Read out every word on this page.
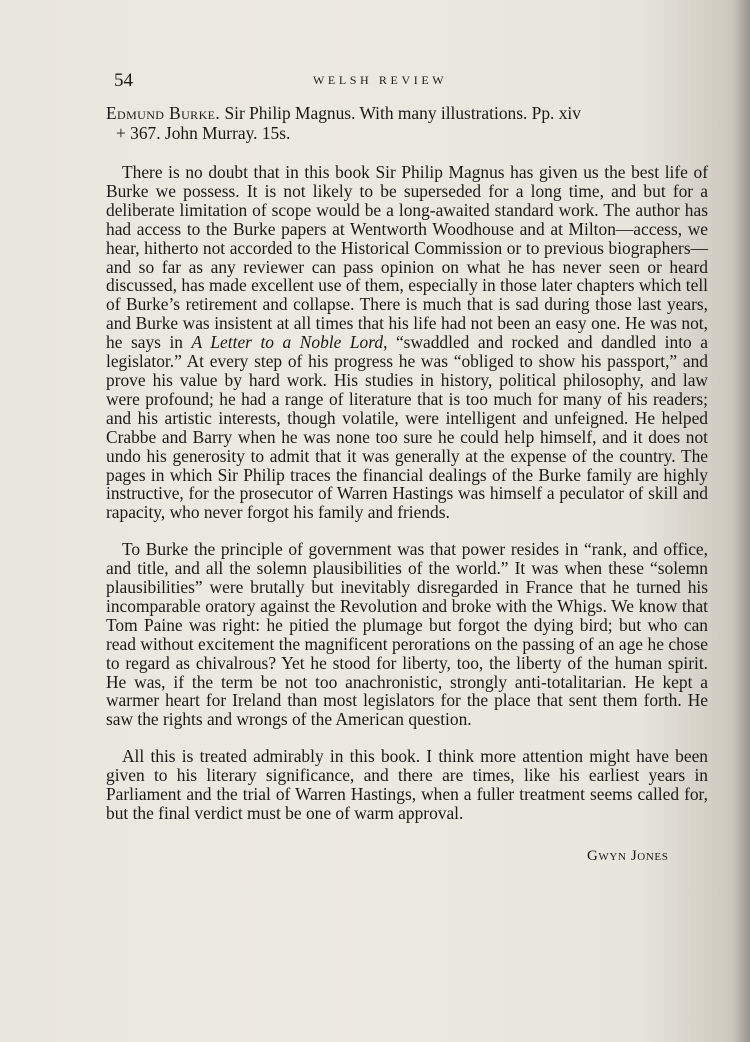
54	WELSH REVIEW
Edmund Burke. Sir Philip Magnus. With many illustrations. Pp. xiv
+ 367. John Murray. 15s.

There is no doubt that in this book Sir Philip Magnus has given us the best life of Burke we possess. It is not likely to be superseded for a long time, and but for a deliberate limitation of scope would be a long-awaited standard work. The author has had access to the Burke papers at Wentworth Woodhouse and at Milton—access, we hear, hitherto not accorded to the Historical Commission or to previous biographers—and so far as any reviewer can pass opinion on what he has never seen or heard discussed, has made excellent use of them, especially in those later chapters which tell of Burke’s retirement and collapse. There is much that is sad during those last years, and Burke was insistent at all times that his life had not been an easy one. He was not, he says in A Letter to a Noble Lord, “swaddled and rocked and dandled into a legislator.” At every step of his progress he was “obliged to show his passport,” and prove his value by hard work. His studies in history, political philosophy, and law were profound; he had a range of literature that is too much for many of his readers; and his artistic interests, though volatile, were intelligent and unfeigned. He helped Crabbe and Barry when he was none too sure he could help himself, and it does not undo his generosity to admit that it was generally at the expense of the country. The pages in which Sir Philip traces the financial dealings of the Burke family are highly instructive, for the prosecutor of Warren Hastings was himself a peculator of skill and rapacity, who never forgot his family and friends.

To Burke the principle of government was that power resides in “rank, and office, and title, and all the solemn plausibilities of the world.” It was when these “solemn plausibilities” were brutally but inevitably disregarded in France that he turned his incomparable oratory against the Revolution and broke with the Whigs. We know that Tom Paine was right: he pitied the plumage but forgot the dying bird; but who can read without excitement the magnificent perorations on the passing of an age he chose to regard as chivalrous? Yet he stood for liberty, too, the liberty of the human spirit. He was, if the term be not too anachronistic, strongly anti-totalitarian. He kept a warmer heart for Ireland than most legislators for the place that sent them forth. He saw the rights and wrongs of the American question.

All this is treated admirably in this book. I think more attention might have been given to his literary significance, and there are times, like his earliest years in Parliament and the trial of Warren Hastings, when a fuller treatment seems called for, but the final verdict must be one of warm approval.

Gwyn Jones
